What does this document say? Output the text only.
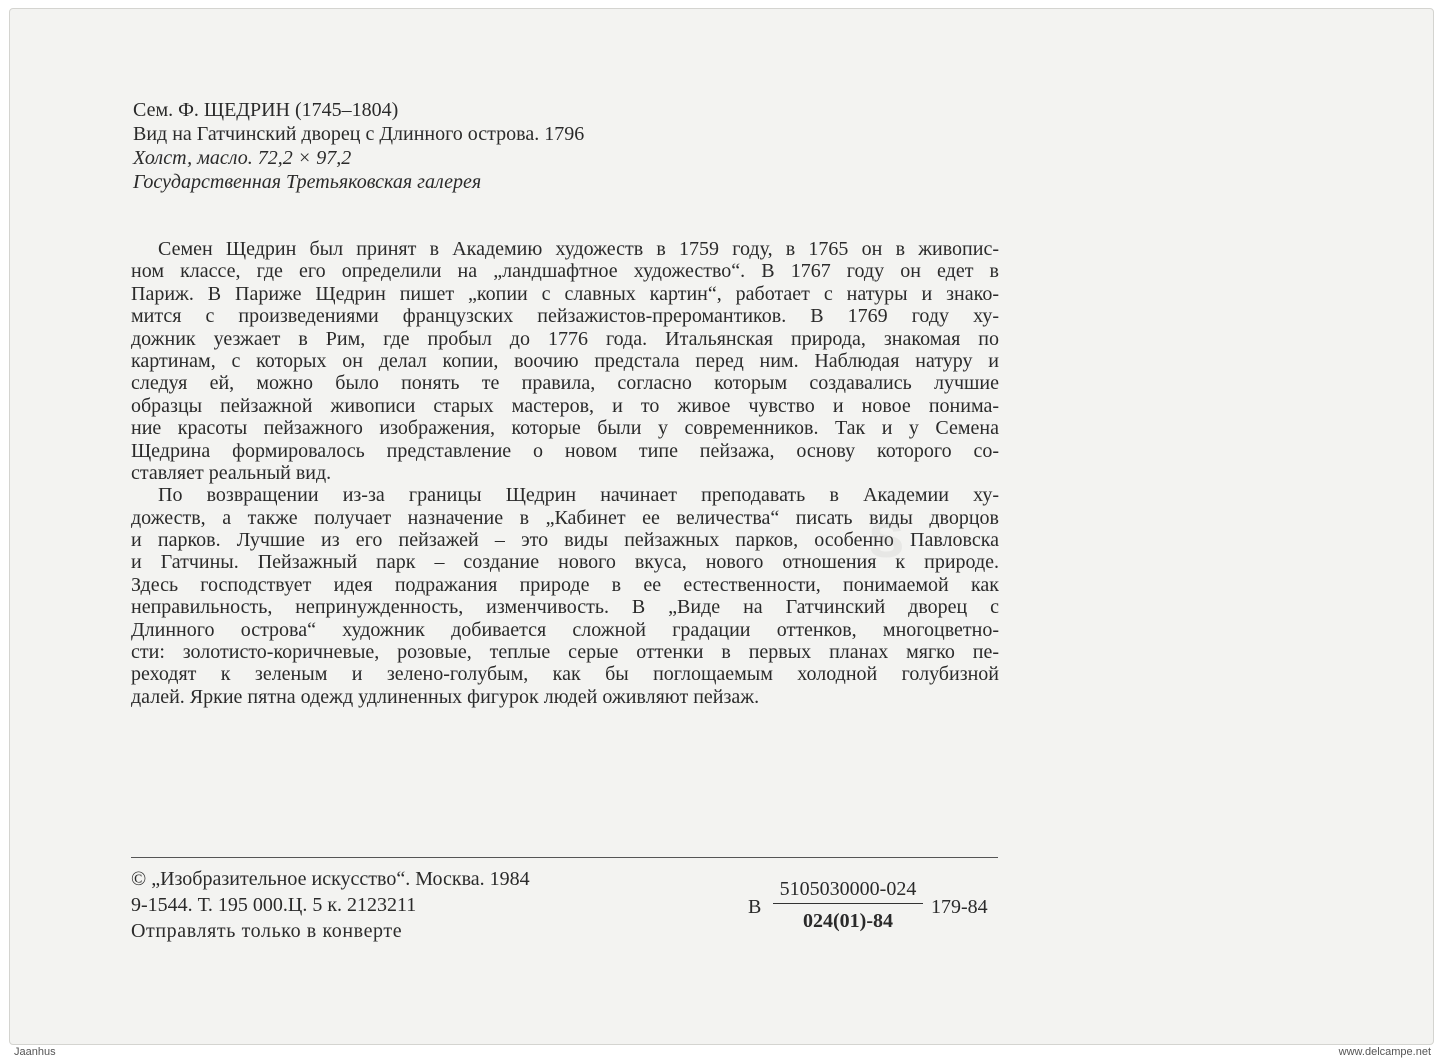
Сем. Ф. ЩЕДРИН (1745–1804)
Вид на Гатчинский дворец с Длинного острова. 1796
Холст, масло. 72,2 × 97,2
Государственная Третьяковская галерея
Семен Щедрин был принят в Академию художеств в 1759 году, в 1765 он в живопис-
ном классе, где его определили на „ландшафтное художество“. В 1767 году он едет в
Париж. В Париже Щедрин пишет „копии с славных картин“, работает с натуры и знако-
мится с произведениями французских пейзажистов-преромантиков. В 1769 году ху-
дожник уезжает в Рим, где пробыл до 1776 года. Итальянская природа, знакомая по
картинам, с которых он делал копии, воочию предстала перед ним. Наблюдая натуру и
следуя ей, можно было понять те правила, согласно которым создавались лучшие
образцы пейзажной живописи старых мастеров, и то живое чувство и новое понима-
ние красоты пейзажного изображения, которые были у современников. Так и у Семена
Щедрина формировалось представление о новом типе пейзажа, основу которого со-
ставляет реальный вид.
По возвращении из-за границы Щедрин начинает преподавать в Академии ху-
дожеств, а также получает назначение в „Кабинет ее величества“ писать виды дворцов
и парков. Лучшие из его пейзажей – это виды пейзажных парков, особенно Павловска
и Гатчины. Пейзажный парк – создание нового вкуса, нового отношения к природе.
Здесь господствует идея подражания природе в ее естественности, понимаемой как
неправильность, непринужденность, изменчивость. В „Виде на Гатчинский дворец с
Длинного острова“ художник добивается сложной градации оттенков, многоцветно-
сти: золотисто-коричневые, розовые, теплые серые оттенки в первых планах мягко пе-
реходят к зеленым и зелено-голубым, как бы поглощаемым холодной голубизной
далей. Яркие пятна одежд удлиненных фигурок людей оживляют пейзаж.
s
© „Изобразительное искусство“. Москва. 1984
9-1544. Т. 195 000.Ц. 5 к. 2123211
Отправлять только в конверте
В $\frac{5105030000-024}{024(01)-84} 179-84$
Jaanhus	www.delcampe.net
